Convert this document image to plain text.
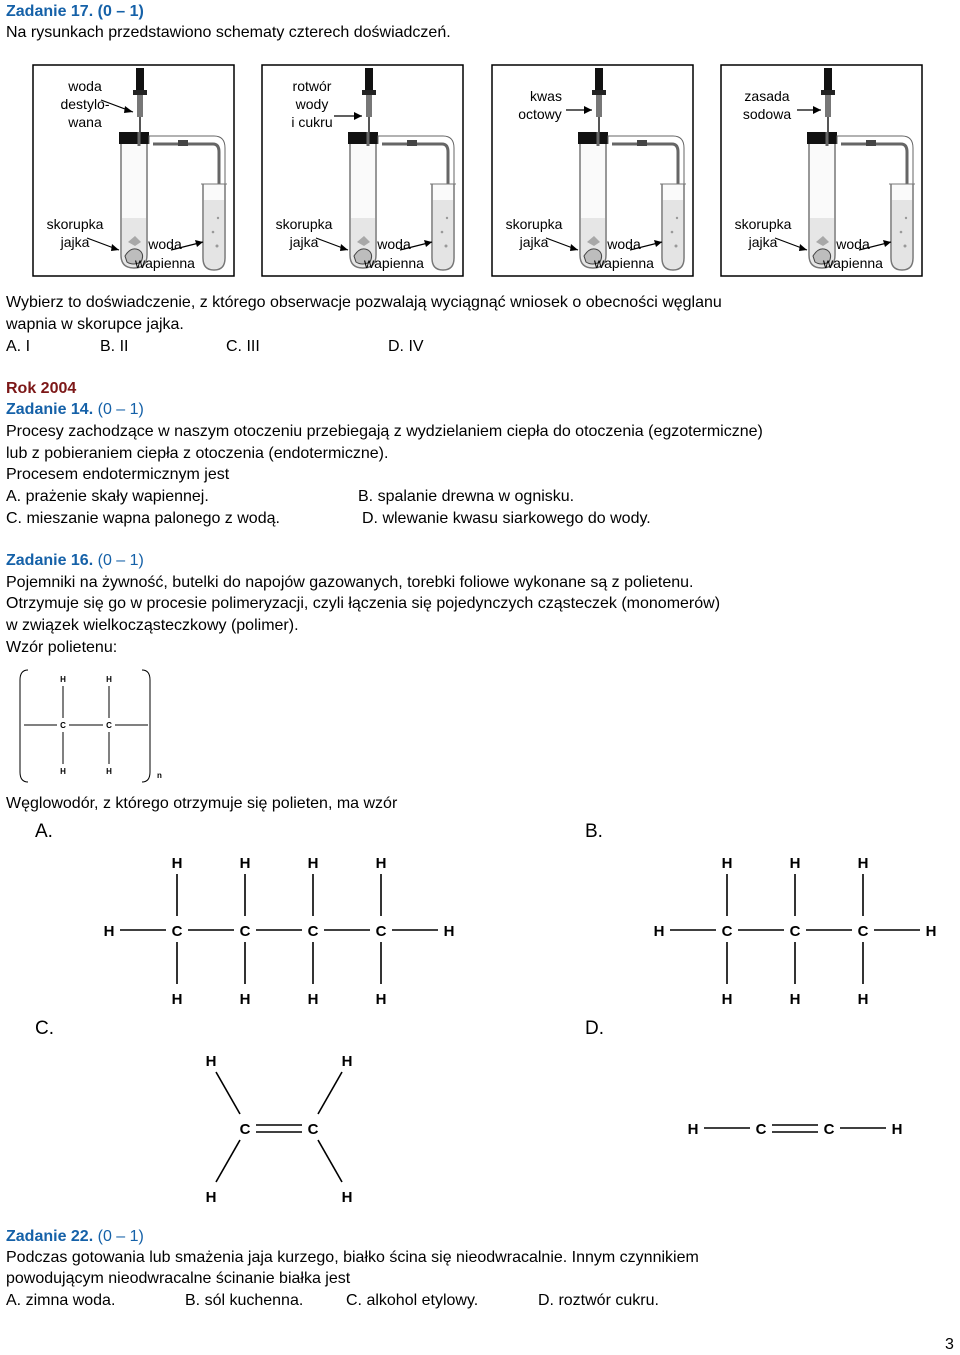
Zadanie 17. (0 – 1)
Na rysunkach przedstawiono schematy czterech doświadczeń.
woda
destylo-
wana
skorupka
jajka	woda
wapienna
rotwór
wody
i cukru
skorupka
jajka	woda
wapienna
kwas
octowy
skorupka
jajka	woda
wapienna
zasada
sodowa
skorupka
jajka	woda
wapienna
Wybierz to doświadczenie, z którego obserwacje pozwalają wyciągnąć wniosek o obecności węglanu
wapnia w skorupce jajka.
A. I	B. II	C. III	D. IV
Rok 2004
Zadanie 14. (0 – 1)
Procesy zachodzące w naszym otoczeniu przebiegają z wydzielaniem ciepła do otoczenia (egzotermiczne)
lub z pobieraniem ciepła z otoczenia (endotermiczne).
Procesem endotermicznym jest
A. prażenie skały wapiennej.	B. spalanie drewna w ognisku.
C. mieszanie wapna palonego z wodą.	D. wlewanie kwasu siarkowego do wody.
Zadanie 16. (0 – 1)
Pojemniki na żywność, butelki do napojów gazowanych, torebki foliowe wykonane są z polietenu.
Otrzymuje się go w procesie polimeryzacji, czyli łączenia się pojedynczych cząsteczek (monomerów)
w związek wielkocząsteczkowy (polimer).
Wzór polietenu:
H	H
C	C
H	H	n
Węglowodór, z którego otrzymuje się polieten, ma wzór
A.
H	H	H	H
H	C	C	C	C	H
H	H	H	H
B.
H	H	H
H	C	C	C	H
H	H	H
C.
H	H
C	C
H	H
D.
H	C	C	H
Zadanie 22. (0 – 1)
Podczas gotowania lub smażenia jaja kurzego, białko ścina się nieodwracalnie. Innym czynnikiem
powodującym nieodwracalne ścinanie białka jest
A. zimna woda.	B. sól kuchenna.	C. alkohol etylowy.	D. roztwór cukru.
3
